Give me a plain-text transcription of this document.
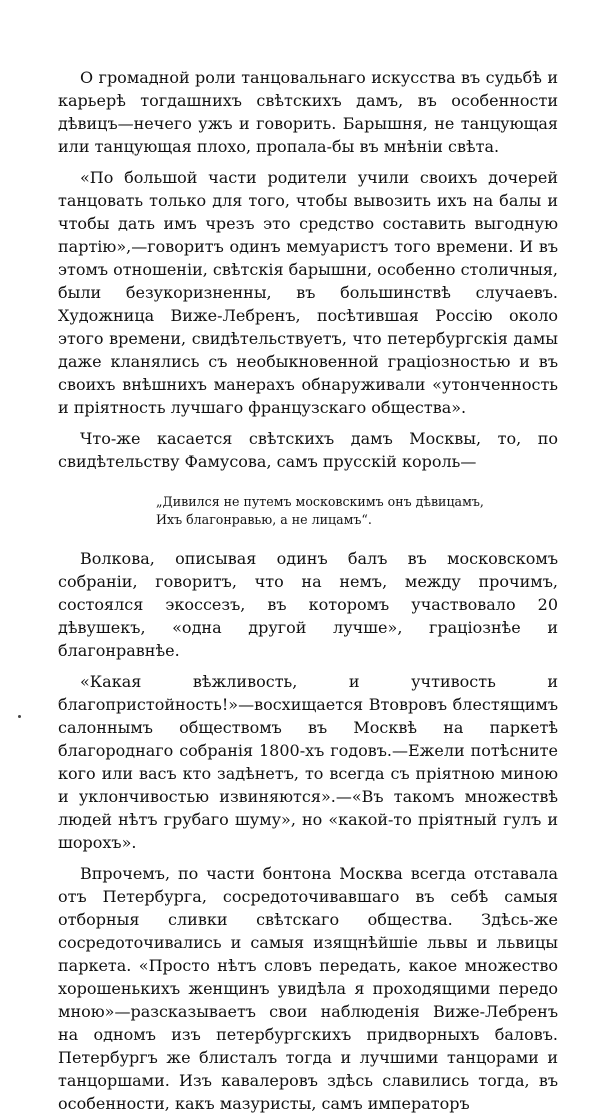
О громадной роли танцовальнаго искусства въ судьбѣ и карьерѣ тогдашнихъ свѣтскихъ дамъ, въ особенности дѣвицъ—нечего ужъ и говорить. Барышня, не танцующая или танцующая плохо, пропала-бы въ мнѣнiи свѣта.

«По большой части родители учили своихъ дочерей танцовать только для того, чтобы вывозить ихъ на балы и чтобы дать имъ чрезъ это средство составить выгодную партiю»,—говоритъ одинъ мемуаристъ того времени. И въ этомъ отношенiи, свѣтскiя барышни, особенно столичныя, были безукоризненны, въ большинствѣ случаевъ. Художница Виже-Лебренъ, посѣтившая Россiю около этого времени, свидѣтельствуетъ, что петербургскiя дамы даже кланялись съ необыкновенной грацiозностью и въ своихъ внѣшнихъ манерахъ обнаруживали «утонченность и прiятность лучшаго французскаго общества».

Что-же касается свѣтскихъ дамъ Москвы, то, по свидѣтельству Фамусова, самъ прусскiй король—

„Дивился не путемъ московскимъ онъ дѣвицамъ,
Ихъ благонравью, а не лицамъ“.

Волкова, описывая одинъ балъ въ московскомъ собранiи, говоритъ, что на немъ, между прочимъ, состоялся экоссезъ, въ которомъ участвовало 20 дѣвушекъ, «одна другой лучше», грацiознѣе и благонравнѣе.

«Какая вѣжливость, и учтивость и благопристойность!»—восхищается Втовровъ блестящимъ салоннымъ обществомъ въ Москвѣ на паркетѣ благороднаго собранiя 1800-хъ годовъ.—Ежели потѣсните кого или васъ кто задѣнетъ, то всегда съ прiятною миною и уклончивостью извиняются».—«Въ такомъ множествѣ людей нѣтъ грубаго шуму», но «какой-то прiятный гулъ и шорохъ».

Впрочемъ, по части бонтона Москва всегда отставала отъ Петербурга, сосредоточивавшаго въ себѣ самыя отборныя сливки свѣтскаго общества. Здѣсь-же сосредоточивались и самыя изящнѣйшiе львы и львицы паркета. «Просто нѣтъ словъ передать, какое множество хорошенькихъ женщинъ увидѣла я проходящими передо мною»—разсказываетъ свои наблюденiя Виже-Лебренъ на одномъ изъ петербургскихъ придворныхъ баловъ. Петербургъ же блисталъ тогда и лучшими танцорами и танцоршами. Изъ кавалеровъ здѣсь славились тогда, въ особенности, какъ мазуристы, самъ императоръ
